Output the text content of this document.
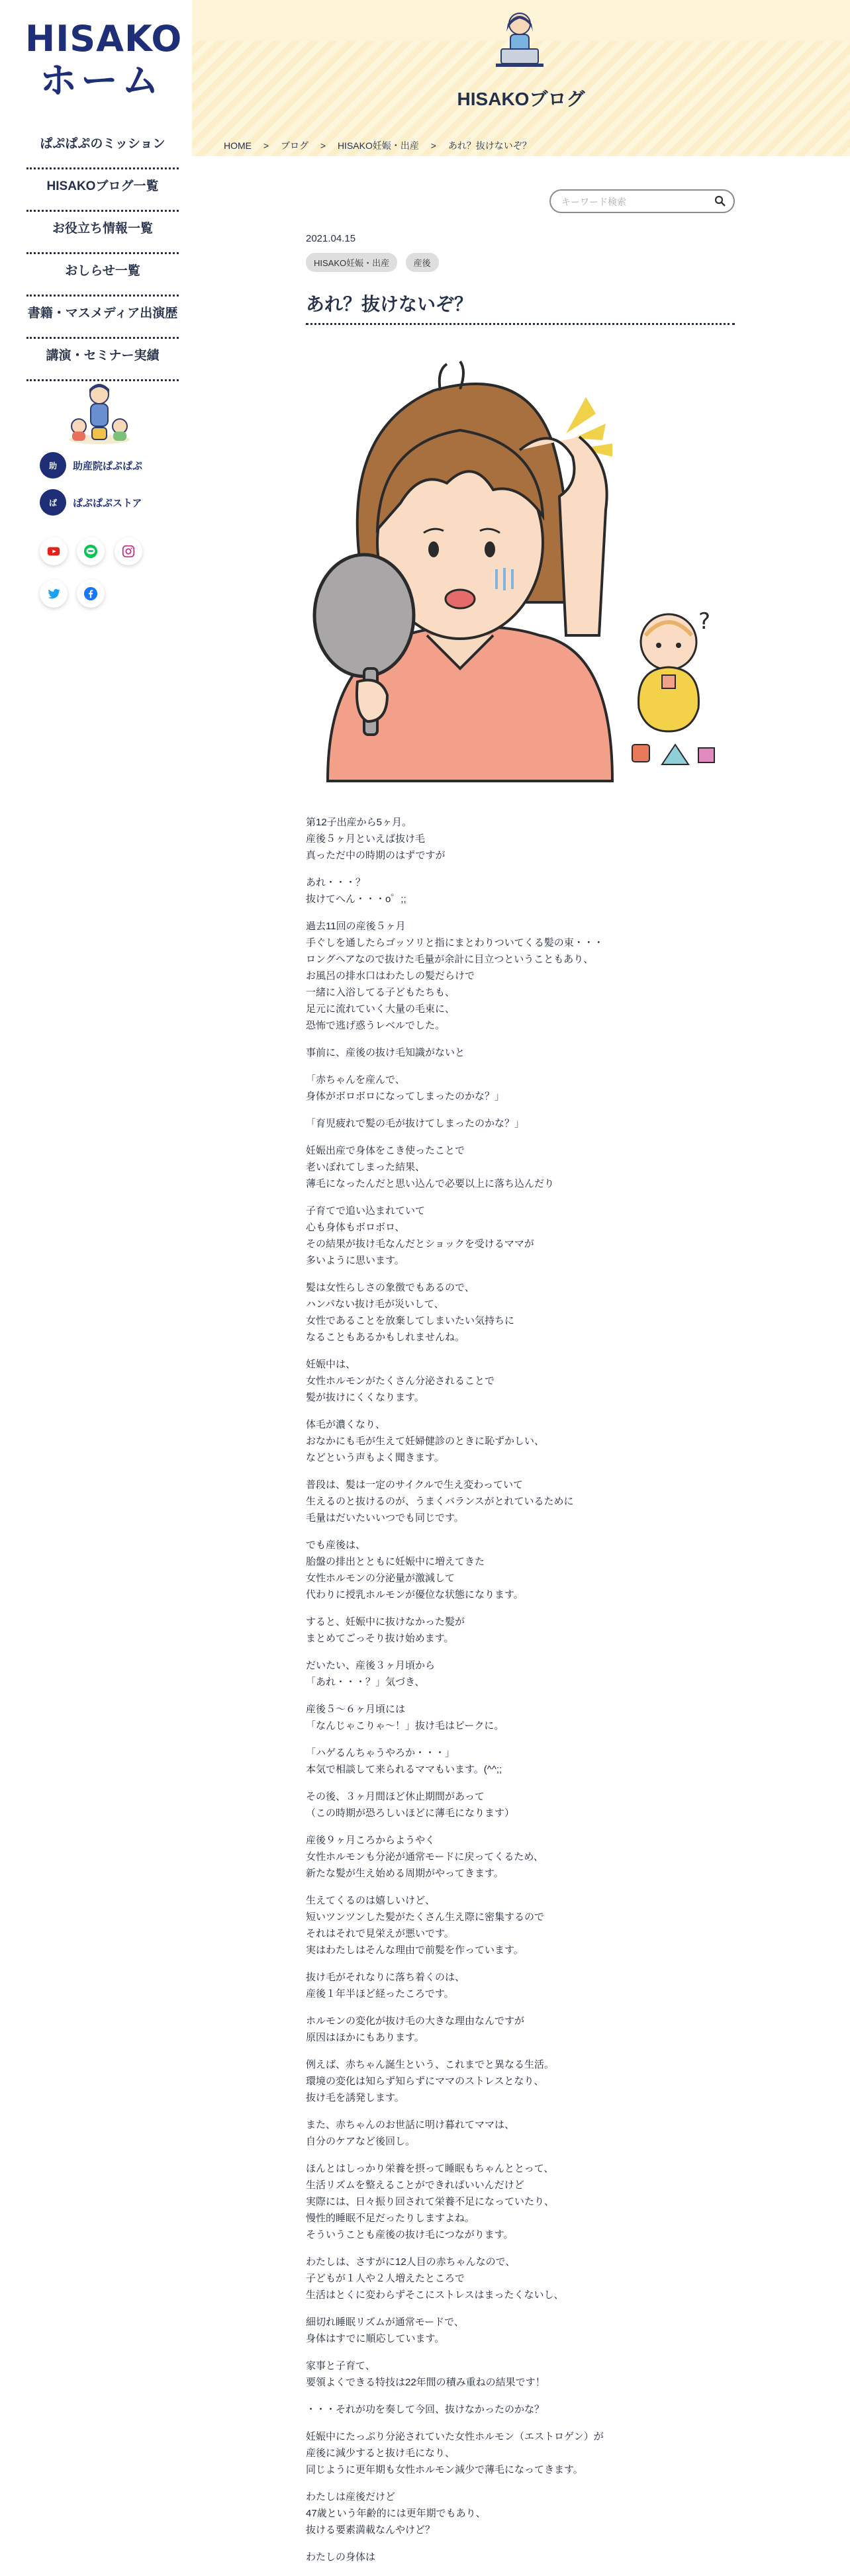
HISAKO
ホーム
ぱぷぱぷのミッション
HISAKOブログ一覧
お役立ち情報一覧
おしらせ一覧
書籍・マスメディア出演歴
講演・セミナー実績
助	助産院ぱぷぱぷ
ぱ	ぱぷぱぷストア

HISAKOブログ
HOME > ブログ > HISAKO妊娠・出産 > あれ？抜けないぞ？
キーワード検索
2021.04.15
HISAKO妊娠・出産	産後
あれ？抜けないぞ？
?

第12子出産から5ヶ月。
産後５ヶ月といえば抜け毛
真っただ中の時期のはずですが

あれ・・・？
抜けてへん・・・o゜;;

過去11回の産後５ヶ月
手ぐしを通したらゴッソリと指にまとわりついてくる髪の束・・・
ロングヘアなので抜けた毛量が余計に目立つということもあり、
お風呂の排水口はわたしの髪だらけで
一緒に入浴してる子どもたちも、
足元に流れていく大量の毛束に、
恐怖で逃げ惑うレベルでした。

事前に、産後の抜け毛知識がないと

「赤ちゃんを産んで、
身体がボロボロになってしまったのかな？」

「育児疲れで髪の毛が抜けてしまったのかな？」

妊娠出産で身体をこき使ったことで
老いぼれてしまった結果、
薄毛になったんだと思い込んで必要以上に落ち込んだり

子育てで追い込まれていて
心も身体もボロボロ、
その結果が抜け毛なんだとショックを受けるママが
多いように思います。

髪は女性らしさの象徴でもあるので、
ハンパない抜け毛が災いして、
女性であることを放棄してしまいたい気持ちに
なることもあるかもしれませんね。

妊娠中は、
女性ホルモンがたくさん分泌されることで
髪が抜けにくくなります。

体毛が濃くなり、
おなかにも毛が生えて妊婦健診のときに恥ずかしい、
などという声もよく聞きます。

普段は、髪は一定のサイクルで生え変わっていて
生えるのと抜けるのが、うまくバランスがとれているために
毛量はだいたいいつでも同じです。

でも産後は、
胎盤の排出とともに妊娠中に増えてきた
女性ホルモンの分泌量が激減して
代わりに授乳ホルモンが優位な状態になります。

すると、妊娠中に抜けなかった髪が
まとめてごっそり抜け始めます。

だいたい、産後３ヶ月頃から
「あれ・・・？」気づき、

産後５〜６ヶ月頃には
「なんじゃこりゃ〜！」抜け毛はピークに。

「ハゲるんちゃうやろか・・・」
本気で相談して来られるママもいます。(^^;;

その後、３ヶ月間ほど休止期間があって
（この時期が恐ろしいほどに薄毛になります）

産後９ヶ月ころからようやく
女性ホルモンも分泌が通常モードに戻ってくるため、
新たな髪が生え始める周期がやってきます。

生えてくるのは嬉しいけど、
短いツンツンした髪がたくさん生え際に密集するので
それはそれで見栄えが悪いです。
実はわたしはそんな理由で前髪を作っています。

抜け毛がそれなりに落ち着くのは、
産後１年半ほど経ったころです。

ホルモンの変化が抜け毛の大きな理由なんですが
原因はほかにもあります。

例えば、赤ちゃん誕生という、これまでと異なる生活。
環境の変化は知らず知らずにママのストレスとなり、
抜け毛を誘発します。

また、赤ちゃんのお世話に明け暮れてママは、
自分のケアなど後回し。

ほんとはしっかり栄養を摂って睡眠もちゃんととって、
生活リズムを整えることができればいいんだけど
実際には、日々振り回されて栄養不足になっていたり、
慢性的睡眠不足だったりしますよね。
そういうことも産後の抜け毛につながります。

わたしは、さすがに12人目の赤ちゃんなので、
子どもが１人や２人増えたところで
生活はとくに変わらずそこにストレスはまったくないし、

細切れ睡眠リズムが通常モードで、
身体はすでに順応しています。

家事と子育て、
要領よくできる特技は22年間の積み重ねの結果です！

・・・それが功を奏して今回、抜けなかったのかな？

妊娠中にたっぷり分泌されていた女性ホルモン（エストロゲン）が
産後に減少すると抜け毛になり、
同じように更年期も女性ホルモン減少で薄毛になってきます。

わたしは産後だけど
47歳という年齢的には更年期でもあり、
抜ける要素満載なんやけど？

わたしの身体は
